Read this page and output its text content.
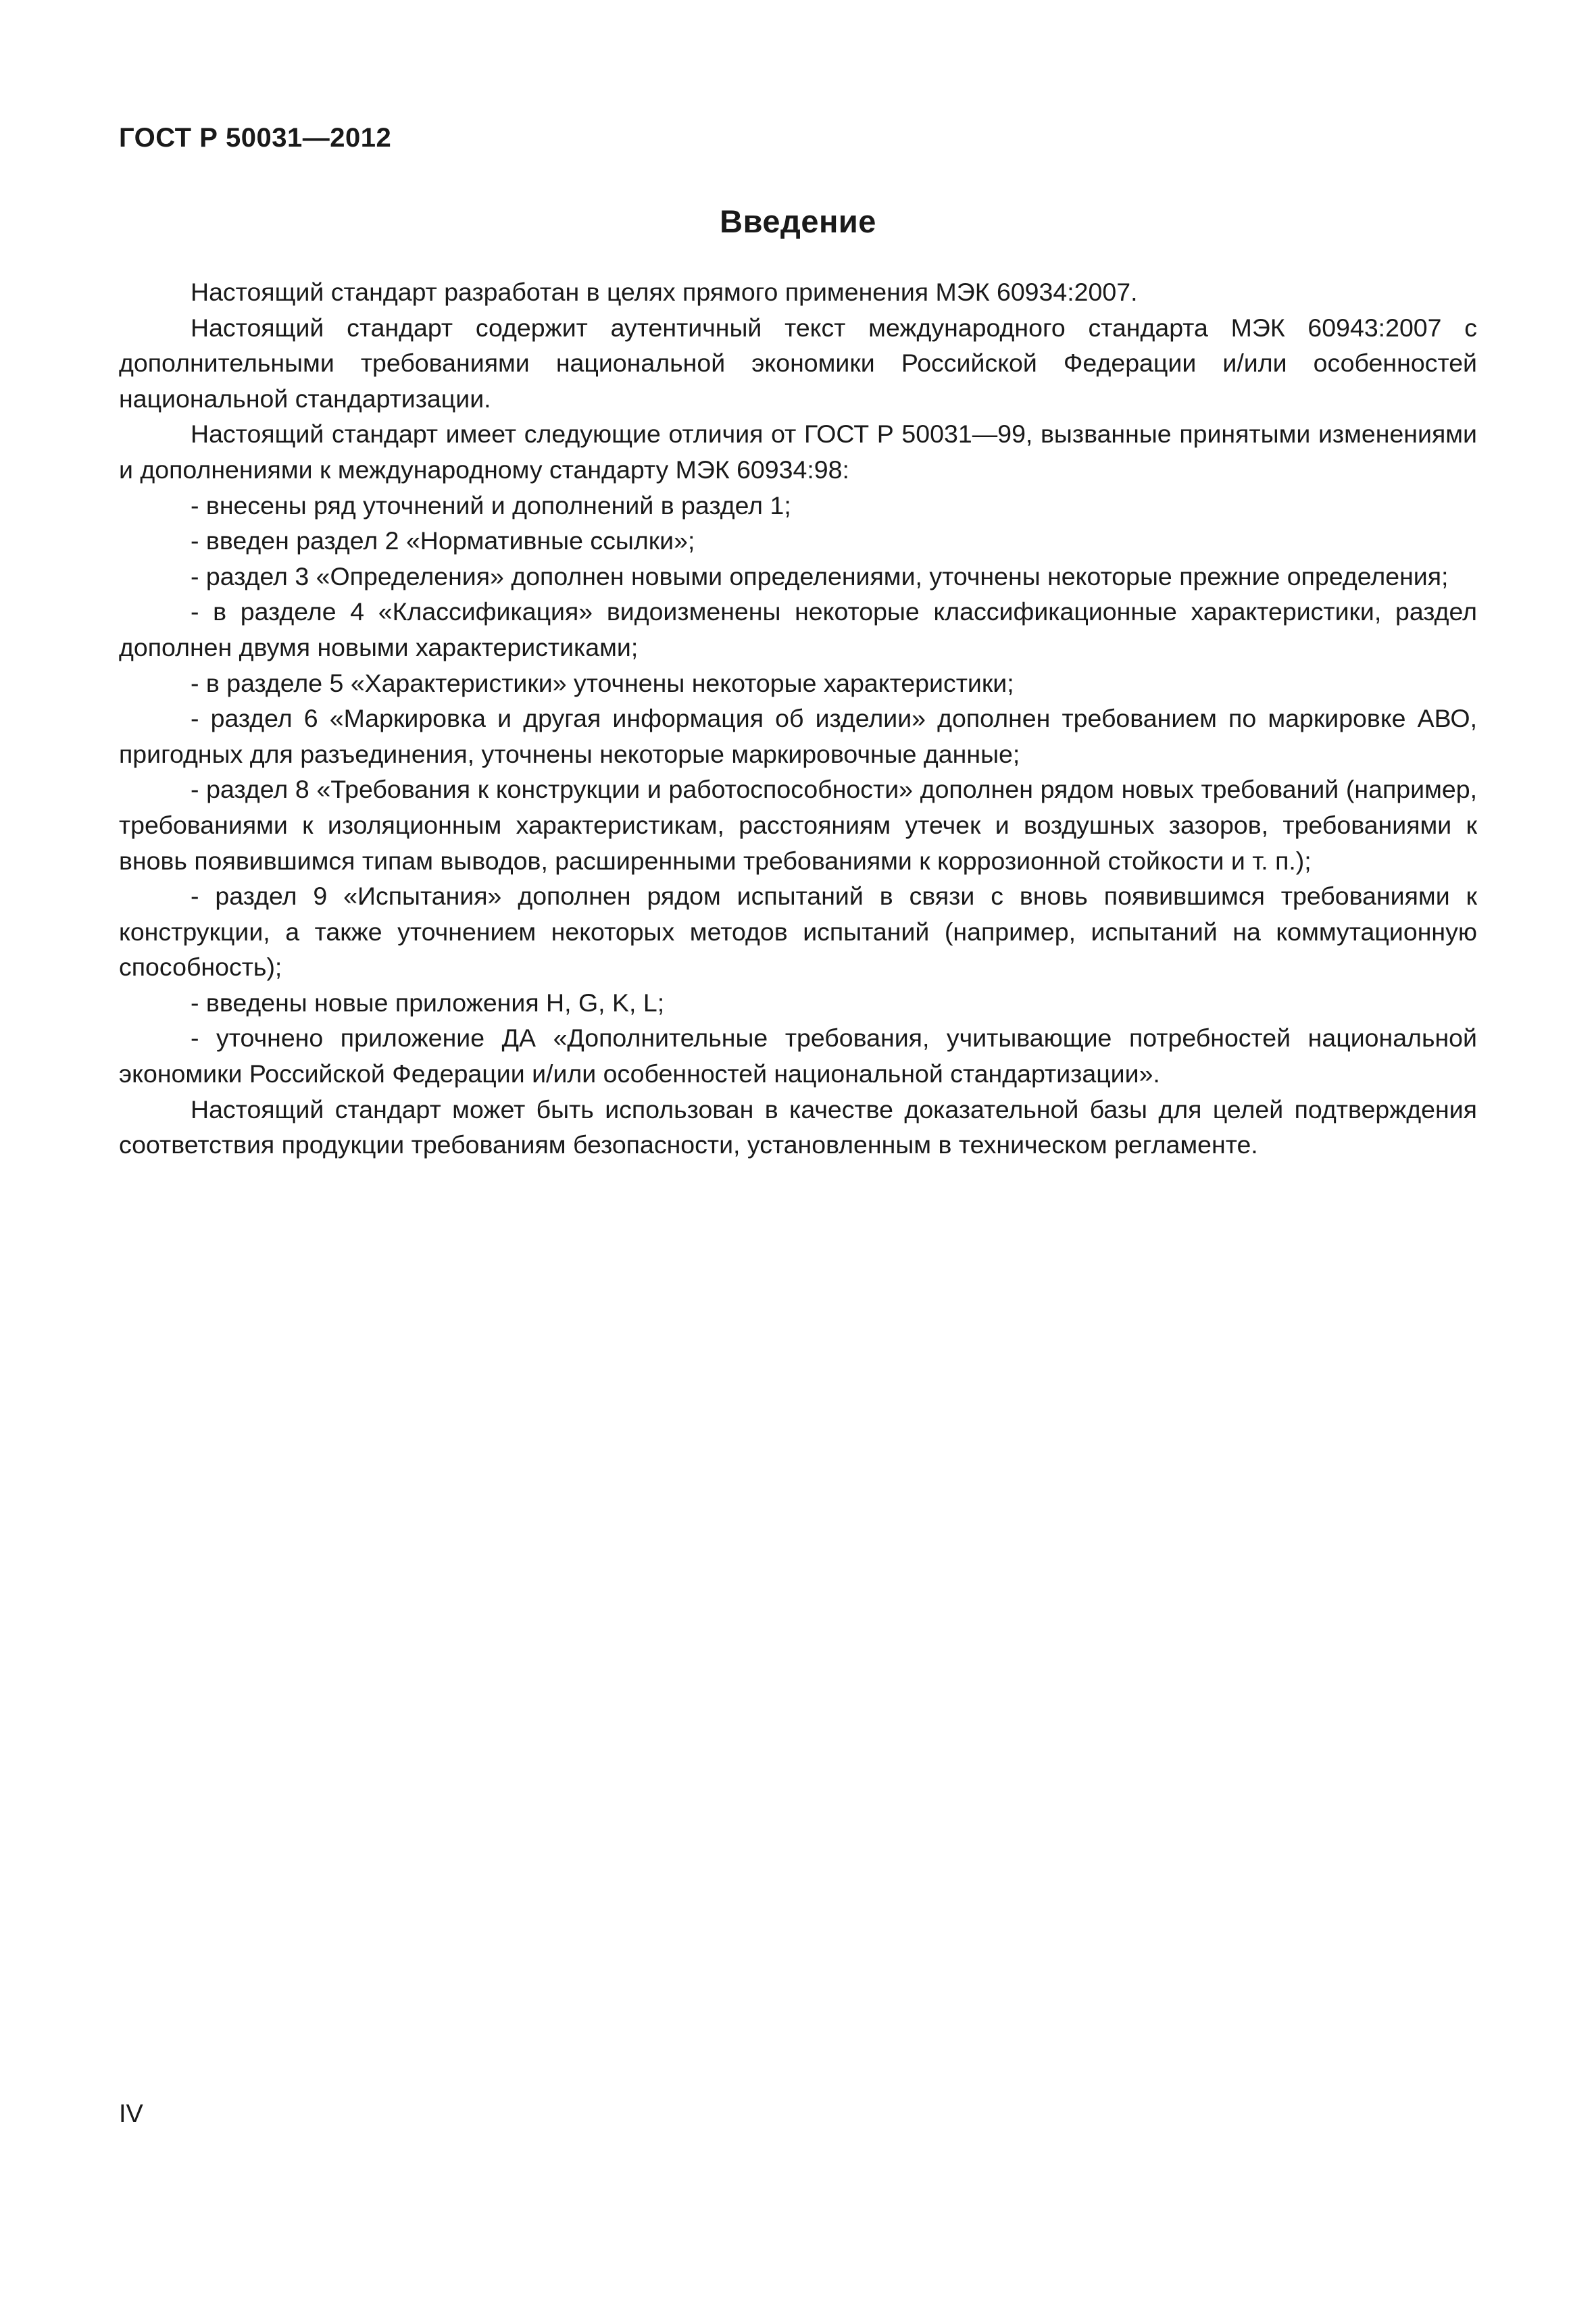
ГОСТ Р 50031—2012
Введение

Настоящий стандарт разработан в целях прямого применения МЭК 60934:2007.

Настоящий стандарт содержит аутентичный текст международного стандарта МЭК 60943:2007 с дополнительными требованиями национальной экономики Российской Федерации и/или особенностей национальной стандартизации.

Настоящий стандарт имеет следующие отличия от ГОСТ Р 50031—99, вызванные принятыми изменениями и дополнениями к международному стандарту МЭК 60934:98:

- внесены ряд уточнений и дополнений в раздел 1;

- введен раздел 2 «Нормативные ссылки»;

- раздел 3 «Определения» дополнен новыми определениями, уточнены некоторые прежние определения;

- в разделе 4 «Классификация» видоизменены некоторые классификационные характеристики, раздел дополнен двумя новыми характеристиками;

- в разделе 5 «Характеристики» уточнены некоторые характеристики;

- раздел 6 «Маркировка и другая информация об изделии» дополнен требованием по маркировке АВО, пригодных для разъединения, уточнены некоторые маркировочные данные;

- раздел 8 «Требования к конструкции и работоспособности» дополнен рядом новых требований (например, требованиями к изоляционным характеристикам, расстояниям утечек и воздушных зазоров, требованиями к вновь появившимся типам выводов, расширенными требованиями к коррозионной стойкости и т. п.);

- раздел 9 «Испытания» дополнен рядом испытаний в связи с вновь появившимся требованиями к конструкции, а также уточнением некоторых методов испытаний (например, испытаний на коммутационную способность);

- введены новые приложения H, G, K, L;

- уточнено приложение ДА «Дополнительные требования, учитывающие потребностей национальной экономики Российской Федерации и/или особенностей национальной стандартизации».

Настоящий стандарт может быть использован в качестве доказательной базы для целей подтверждения соответствия продукции требованиям безопасности, установленным в техническом регламенте.

IV
